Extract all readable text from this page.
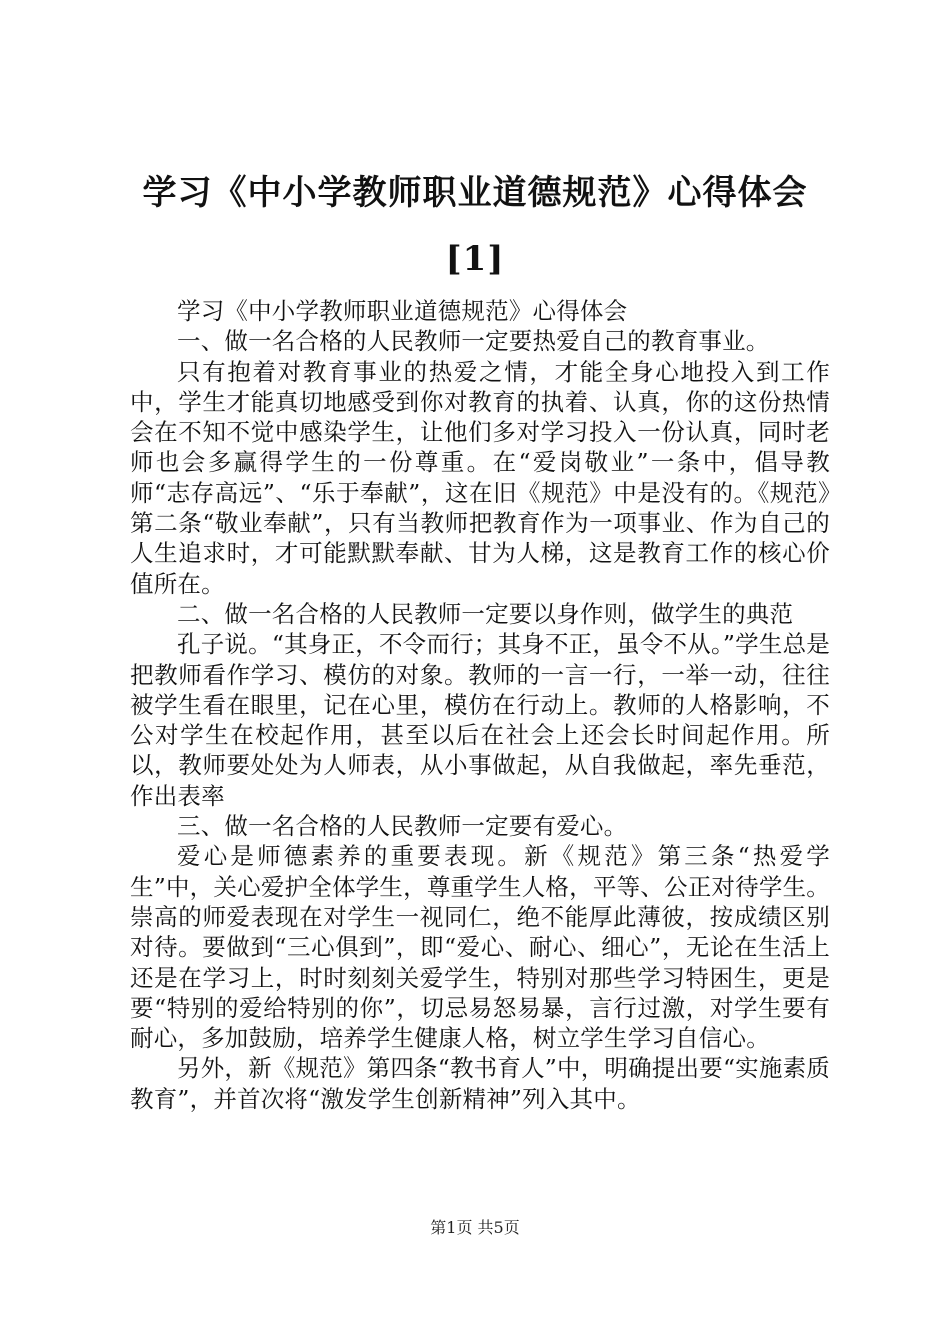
学习《中小学教师职业道德规范》心得体会
[1]

学习《中小学教师职业道德规范》心得体会

一、做一名合格的人民教师一定要热爱自己的教育事业。

只有抱着对教育事业的热爱之情，才能全身心地投入到工作中，学生才能真切地感受到你对教育的执着、认真，你的这份热情会在不知不觉中感染学生，让他们多对学习投入一份认真，同时老师也会多赢得学生的一份尊重。在“爱岗敬业”一条中，倡导教师“志存高远”、“乐于奉献”，这在旧《规范》中是没有的。《规范》第二条“敬业奉献”，只有当教师把教育作为一项事业、作为自己的人生追求时，才可能默默奉献、甘为人梯，这是教育工作的核心价值所在。

二、做一名合格的人民教师一定要以身作则，做学生的典范

孔子说。“其身正，不令而行；其身不正，虽令不从。”学生总是把教师看作学习、模仿的对象。教师的一言一行，一举一动，往往被学生看在眼里，记在心里，模仿在行动上。教师的人格影响，不公对学生在校起作用，甚至以后在社会上还会长时间起作用。所以，教师要处处为人师表，从小事做起，从自我做起，率先垂范，作出表率

三、做一名合格的人民教师一定要有爱心。

爱心是师德素养的重要表现。新《规范》第三条“热爱学生”中，关心爱护全体学生，尊重学生人格，平等、公正对待学生。崇高的师爱表现在对学生一视同仁，绝不能厚此薄彼，按成绩区别对待。要做到“三心俱到”，即“爱心、耐心、细心”，无论在生活上还是在学习上，时时刻刻关爱学生，特别对那些学习特困生，更是要“特别的爱给特别的你”，切忌易怒易暴，言行过激，对学生要有耐心，多加鼓励，培养学生健康人格，树立学生学习自信心。

另外，新《规范》第四条“教书育人”中，明确提出要“实施素质教育”，并首次将“激发学生创新精神”列入其中。

第1页 共5页
